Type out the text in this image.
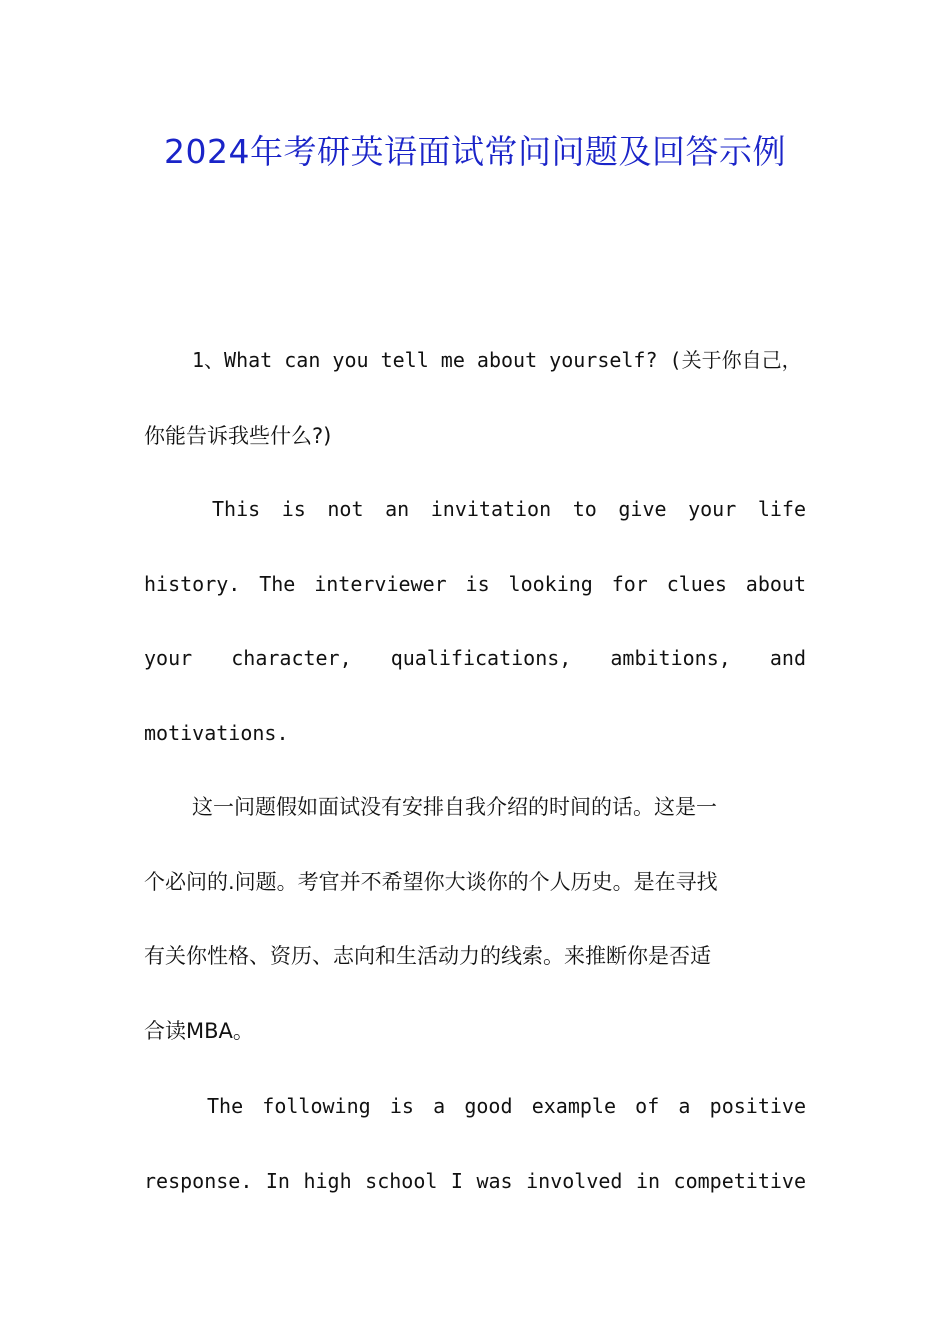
2024年考研英语面试常问问题及回答示例
1、What can you tell me about yourself? (关于你自己，
你能告诉我些什么?)
This is not an invitation to give your life
history. The interviewer is looking for clues about
your character, qualifications, ambitions, and
motivations.
这一问题假如面试没有安排自我介绍的时间的话。这是一
个必问的.问题。考官并不希望你大谈你的个人历史。是在寻找
有关你性格、资历、志向和生活动力的线索。来推断你是否适
合读MBA。
The following is a good example of a positive
response. In high school I was involved in competitive
